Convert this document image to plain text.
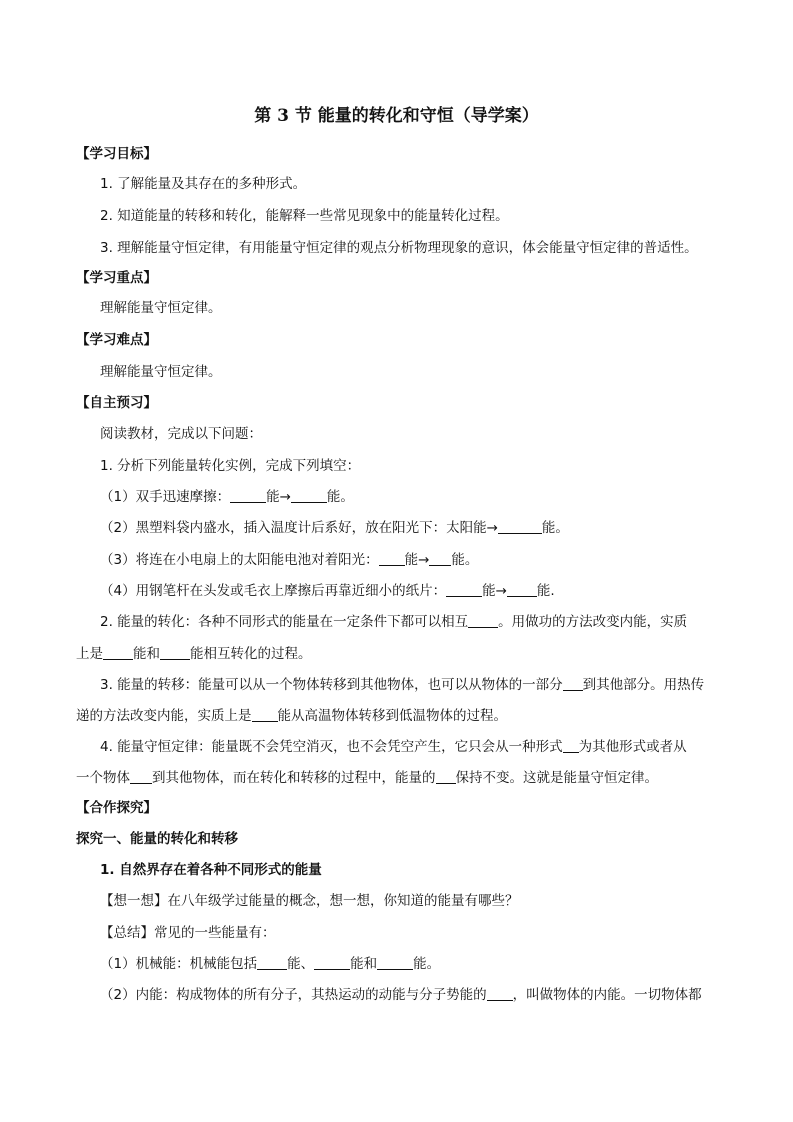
第 3 节 能量的转化和守恒（导学案）
【学习目标】
1. 了解能量及其存在的多种形式。
2. 知道能量的转移和转化，能解释一些常见现象中的能量转化过程。
3. 理解能量守恒定律，有用能量守恒定律的观点分析物理现象的意识，体会能量守恒定律的普适性。
【学习重点】
理解能量守恒定律。
【学习难点】
理解能量守恒定律。
【自主预习】
阅读教材，完成以下问题：
1. 分析下列能量转化实例，完成下列填空：
（1）双手迅速摩擦：	能→	能。
（2）黑塑料袋内盛水，插入温度计后系好，放在阳光下：太阳能→	能。
（3）将连在小电扇上的太阳能电池对着阳光： 能→ 能。
（4）用钢笔杆在头发或毛衣上摩擦后再靠近细小的纸片：	能→ 能.
2. 能量的转化：各种不同形式的能量在一定条件下都可以相互 。用做功的方法改变内能，实质
上是 能和 能相互转化的过程。
3. 能量的转移：能量可以从一个物体转移到其他物体，也可以从物体的一部分 到其他部分。用热传
递的方法改变内能，实质上是 能从高温物体转移到低温物体的过程。
4. 能量守恒定律：能量既不会凭空消灭，也不会凭空产生，它只会从一种形式 为其他形式或者从
一个物体 到其他物体，而在转化和转移的过程中，能量的 保持不变。这就是能量守恒定律。
【合作探究】
探究一、能量的转化和转移
1. 自然界存在着各种不同形式的能量
【想一想】在八年级学过能量的概念，想一想，你知道的能量有哪些？
【总结】常见的一些能量有：
（1）机械能：机械能包括 能、	能和	能。
（2）内能：构成物体的所有分子，其热运动的动能与分子势能的 ，叫做物体的内能。一切物体都
